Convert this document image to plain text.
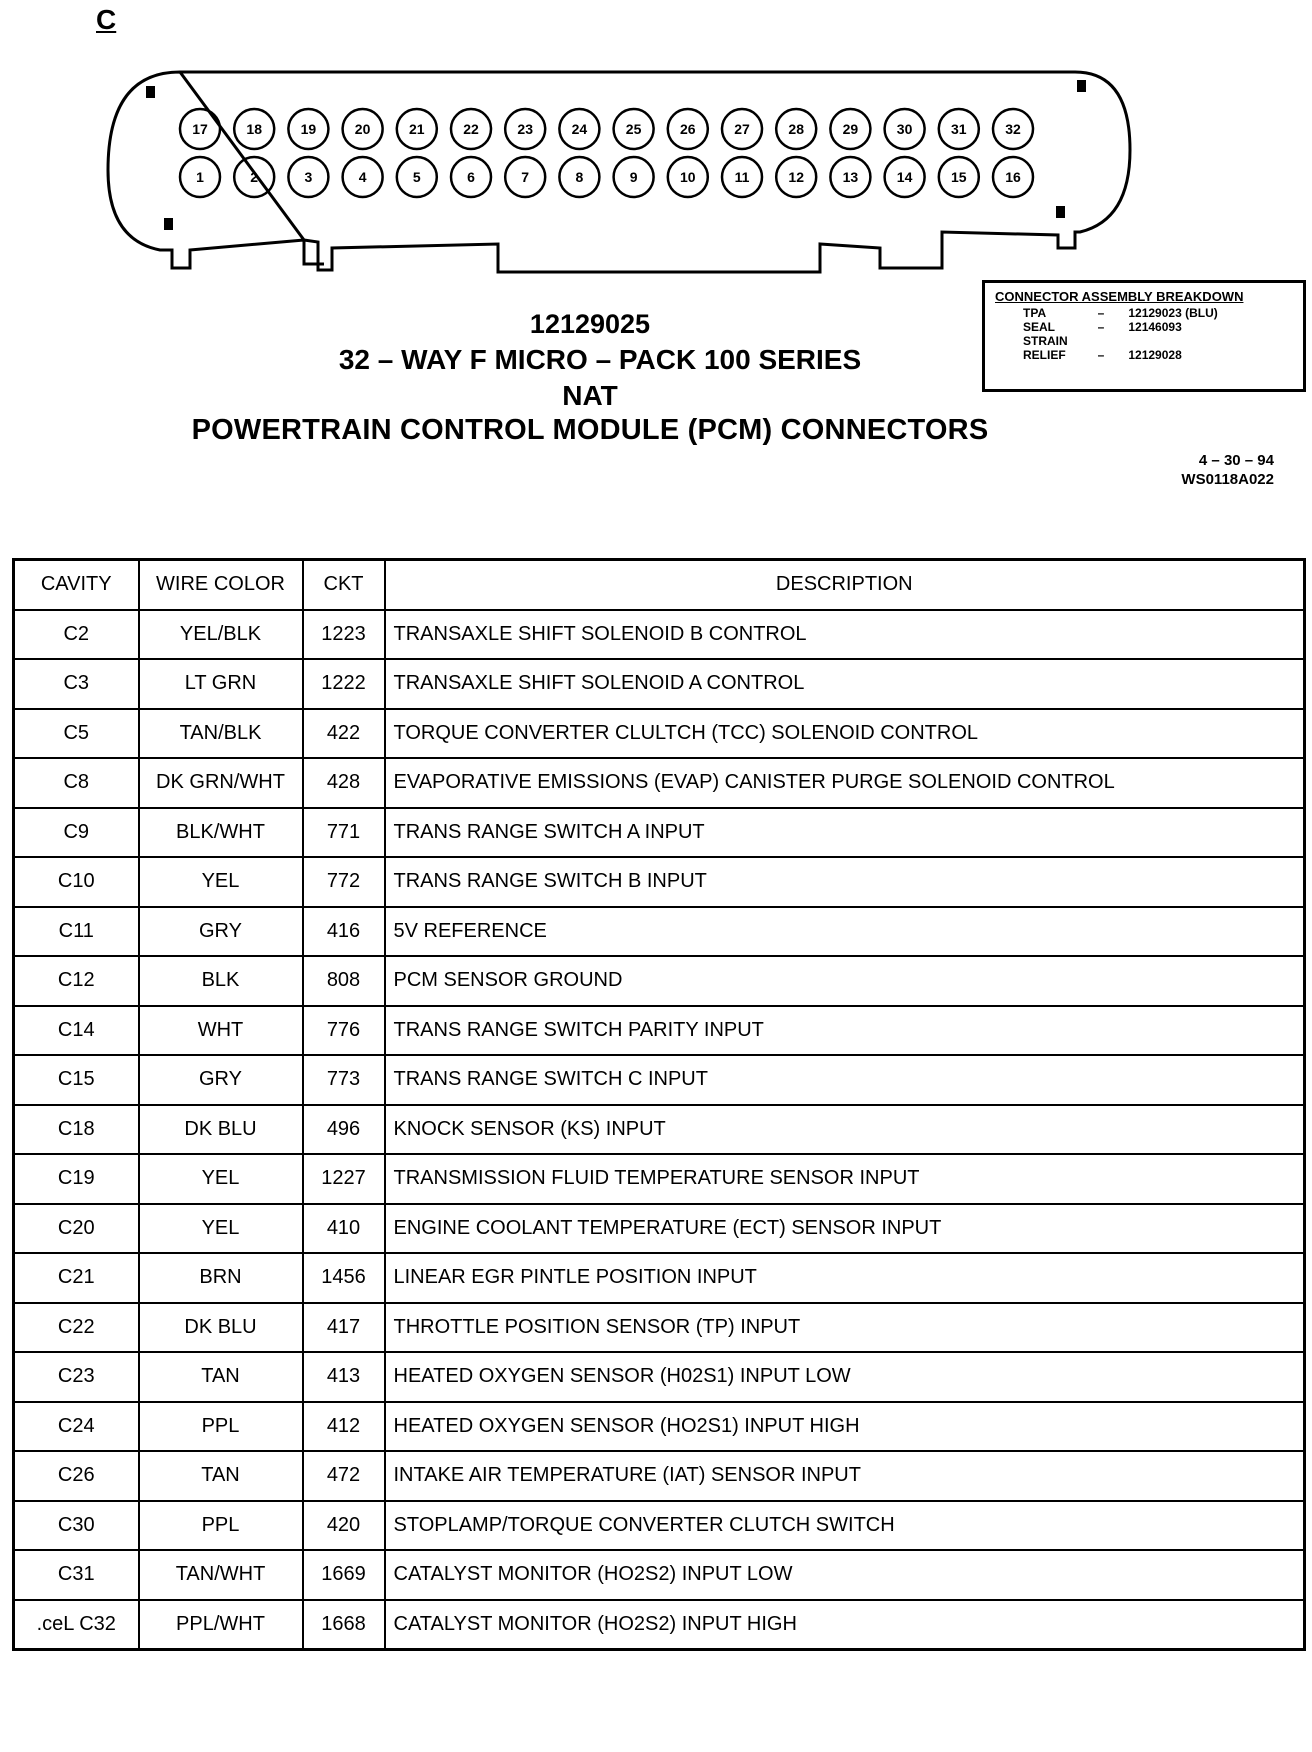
C
17	18	19	20	21	22	23	24	25	26	27	28	29	30	31	32
1	2	3	4	5	6	7	8	9	10	11	12	13	14	15	16
12129025
32 – WAY F MICRO – PACK 100 SERIES
NAT
POWERTRAIN CONTROL MODULE (PCM) CONNECTORS
CONNECTOR ASSEMBLY BREAKDOWN
TPA	–	12129023 (BLU)
SEAL	–	12146093
STRAIN		
RELIEF	–	12129028
4 – 30 – 94
WS0118A022
CAVITY	WIRE COLOR	CKT	DESCRIPTION
C2	YEL/BLK	1223	TRANSAXLE SHIFT SOLENOID B CONTROL
C3	LT GRN	1222	TRANSAXLE SHIFT SOLENOID A CONTROL
C5	TAN/BLK	422	TORQUE CONVERTER CLULTCH (TCC) SOLENOID CONTROL
C8	DK GRN/WHT	428	EVAPORATIVE EMISSIONS (EVAP) CANISTER PURGE SOLENOID CONTROL
C9	BLK/WHT	771	TRANS RANGE SWITCH A INPUT
C10	YEL	772	TRANS RANGE SWITCH B INPUT
C11	GRY	416	5V REFERENCE
C12	BLK	808	PCM SENSOR GROUND
C14	WHT	776	TRANS RANGE SWITCH PARITY INPUT
C15	GRY	773	TRANS RANGE SWITCH C INPUT
C18	DK BLU	496	KNOCK SENSOR (KS) INPUT
C19	YEL	1227	TRANSMISSION FLUID TEMPERATURE SENSOR INPUT
C20	YEL	410	ENGINE COOLANT TEMPERATURE (ECT) SENSOR INPUT
C21	BRN	1456	LINEAR EGR PINTLE POSITION INPUT
C22	DK BLU	417	THROTTLE POSITION SENSOR (TP) INPUT
C23	TAN	413	HEATED OXYGEN SENSOR (H02S1) INPUT LOW
C24	PPL	412	HEATED OXYGEN SENSOR (HO2S1) INPUT HIGH
C26	TAN	472	INTAKE AIR TEMPERATURE (IAT) SENSOR INPUT
C30	PPL	420	STOPLAMP/TORQUE CONVERTER CLUTCH SWITCH
C31	TAN/WHT	1669	CATALYST MONITOR (HO2S2) INPUT LOW
.ceL C32	PPL/WHT	1668	CATALYST MONITOR (HO2S2) INPUT HIGH
